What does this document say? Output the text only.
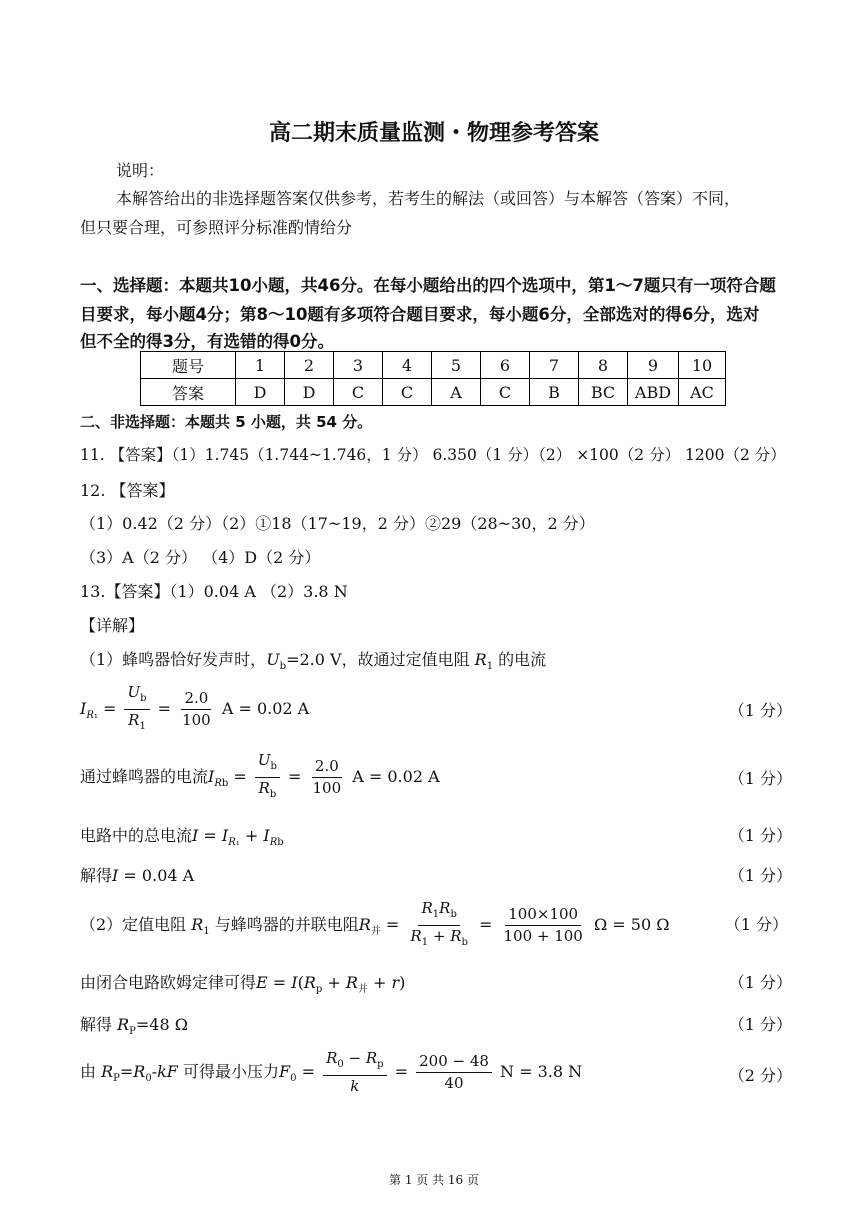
高二期末质量监测・物理参考答案
说明：
本解答给出的非选择题答案仅供参考，若考生的解法（或回答）与本解答（答案）不同，
但只要合理，可参照评分标准酌情给分
一、选择题：本题共10小题，共46分。在每小题给出的四个选项中，第1～7题只有一项符合题
目要求，每小题4分；第8～10题有多项符合题目要求，每小题6分，全部选对的得6分，选对
但不全的得3分，有选错的得0分。
题号	1	2	3	4	5	6	7	8	9	10
答案	D	D	C	C	A	C	B	BC	ABD	AC
二、非选择题：本题共 5 小题，共 54 分。
11. 【答案】（1）1.745（1.744~1.746，1 分） 6.350（1 分）（2） ×100（2 分） 1200（2 分）
12. 【答案】
（1）0.42（2 分）（2）①18（17~19，2 分）②29（28~30，2 分）
（3）A（2 分） （4）D（2 分）
13.【答案】（1）0.04 A （2）3.8 N
【详解】
（1）蜂鸣器恰好发声时，$U_b=2.0$ V，故通过定值电阻 $R_1$ 的电流
$I_{R_1} = \frac{U_b}{R_1} = \frac{2.0}{100}$ A = 0.02 A	（1 分）
通过蜂鸣器的电流$I_{Rb} = \frac{U_b}{R_b} = \frac{2.0}{100}$ A = 0.02 A	（1 分）
电路中的总电流$I = I_{R_1} + I_{Rb}$	（1 分）
解得I = 0.04 A	（1 分）
（2）定值电阻 $R_1$ 与蜂鸣器的并联电阻$R_并 = \frac{R_1R_b}{R_1 + R_b} = \frac{100\times 100}{100 + 100}$ Ω = 50 Ω	（1 分）
由闭合电路欧姆定律可得$E = I(R_p + R_并 + r)$	（1 分）
解得 $R_P=48$ Ω	（1 分）
由 $R_P=R_0-kF$ 可得最小压力$F_0 = \frac{R_0 - R_p}{k} = \frac{200 - 48}{40}$ N = 3.8 N	（2 分）
第 1 页 共 16 页
